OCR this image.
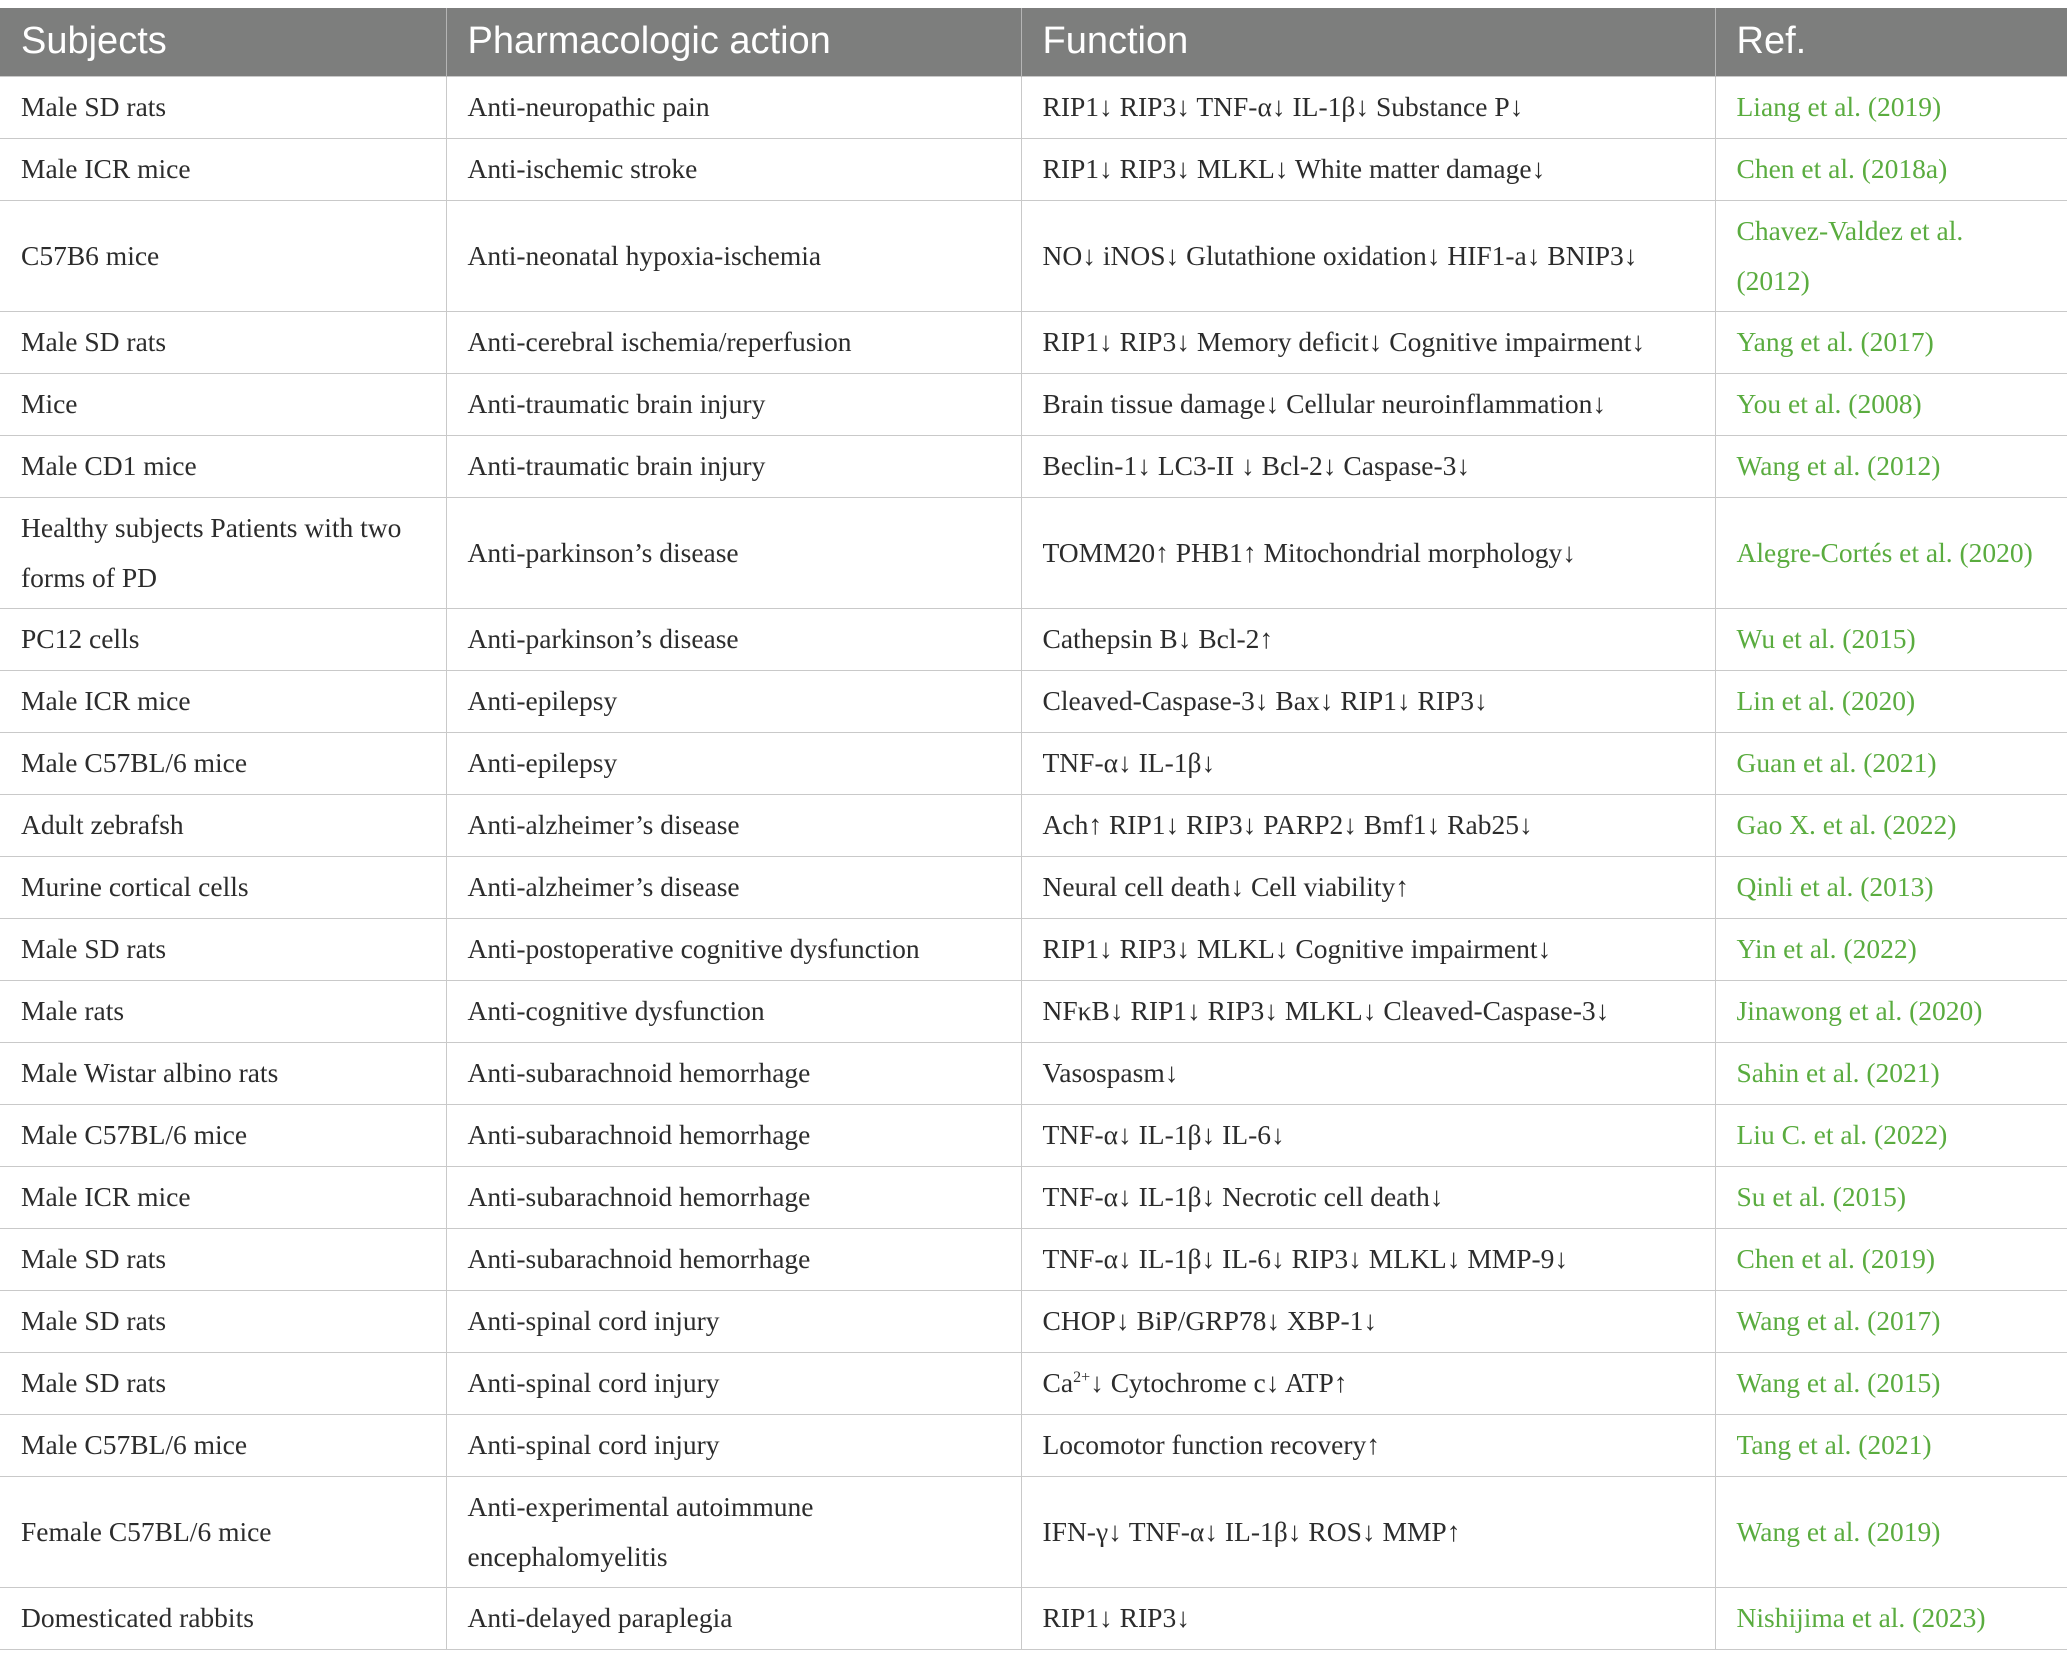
Subjects	Pharmacologic action	Function	Ref.
Male SD rats	Anti-neuropathic pain	RIP1↓ RIP3↓ TNF-α↓ IL-1β↓ Substance P↓	Liang et al. (2019)
Male ICR mice	Anti-ischemic stroke	RIP1↓ RIP3↓ MLKL↓ White matter damage↓	Chen et al. (2018a)
C57B6 mice	Anti-neonatal hypoxia-ischemia	NO↓ iNOS↓ Glutathione oxidation↓ HIF1-a↓ BNIP3↓	Chavez-Valdez et al.
(2012)

Male SD rats	Anti-cerebral ischemia/reperfusion	RIP1↓ RIP3↓ Memory deficit↓ Cognitive impairment↓	Yang et al. (2017)
Mice	Anti-traumatic brain injury	Brain tissue damage↓ Cellular neuroinflammation↓	You et al. (2008)
Male CD1 mice	Anti-traumatic brain injury	Beclin-1↓ LC3-II ↓ Bcl-2↓ Caspase-3↓	Wang et al. (2012)

Healthy subjects Patients with two
forms of PD	Anti-parkinson’s disease	TOMM20↑ PHB1↑ Mitochondrial morphology↓	Alegre-Cortés et al. (2020)
PC12 cells	Anti-parkinson’s disease	Cathepsin B↓ Bcl-2↑	Wu et al. (2015)
Male ICR mice	Anti-epilepsy	Cleaved-Caspase-3↓ Bax↓ RIP1↓ RIP3↓	Lin et al. (2020)
Male C57BL/6 mice	Anti-epilepsy	TNF-α↓ IL-1β↓	Guan et al. (2021)
Adult zebrafsh	Anti-alzheimer’s disease	Ach↑ RIP1↓ RIP3↓ PARP2↓ Bmf1↓ Rab25↓	Gao X. et al. (2022)
Murine cortical cells	Anti-alzheimer’s disease	Neural cell death↓ Cell viability↑	Qinli et al. (2013)
Male SD rats	Anti-postoperative cognitive dysfunction	RIP1↓ RIP3↓ MLKL↓ Cognitive impairment↓	Yin et al. (2022)
Male rats	Anti-cognitive dysfunction	NFκB↓ RIP1↓ RIP3↓ MLKL↓ Cleaved-Caspase-3↓	Jinawong et al. (2020)
Male Wistar albino rats	Anti-subarachnoid hemorrhage	Vasospasm↓	Sahin et al. (2021)
Male C57BL/6 mice	Anti-subarachnoid hemorrhage	TNF-α↓ IL-1β↓ IL-6↓	Liu C. et al. (2022)
Male ICR mice	Anti-subarachnoid hemorrhage	TNF-α↓ IL-1β↓ Necrotic cell death↓	Su et al. (2015)
Male SD rats	Anti-subarachnoid hemorrhage	TNF-α↓ IL-1β↓ IL-6↓ RIP3↓ MLKL↓ MMP-9↓	Chen et al. (2019)
Male SD rats	Anti-spinal cord injury	CHOP↓ BiP/GRP78↓ XBP-1↓	Wang et al. (2017)
Male SD rats	Anti-spinal cord injury	$Ca^{2+}↓$ Cytochrome c↓ ATP↑	Wang et al. (2015)
Male C57BL/6 mice	Anti-spinal cord injury	Locomotor function recovery↑	Tang et al. (2021)
Female C57BL/6 mice	Anti-experimental autoimmune
encephalomyelitis	IFN-γ↓ TNF-α↓ IL-1β↓ ROS↓ MMP↑	Wang et al. (2019)
Domesticated rabbits	Anti-delayed paraplegia	RIP1↓ RIP3↓	Nishijima et al. (2023)
